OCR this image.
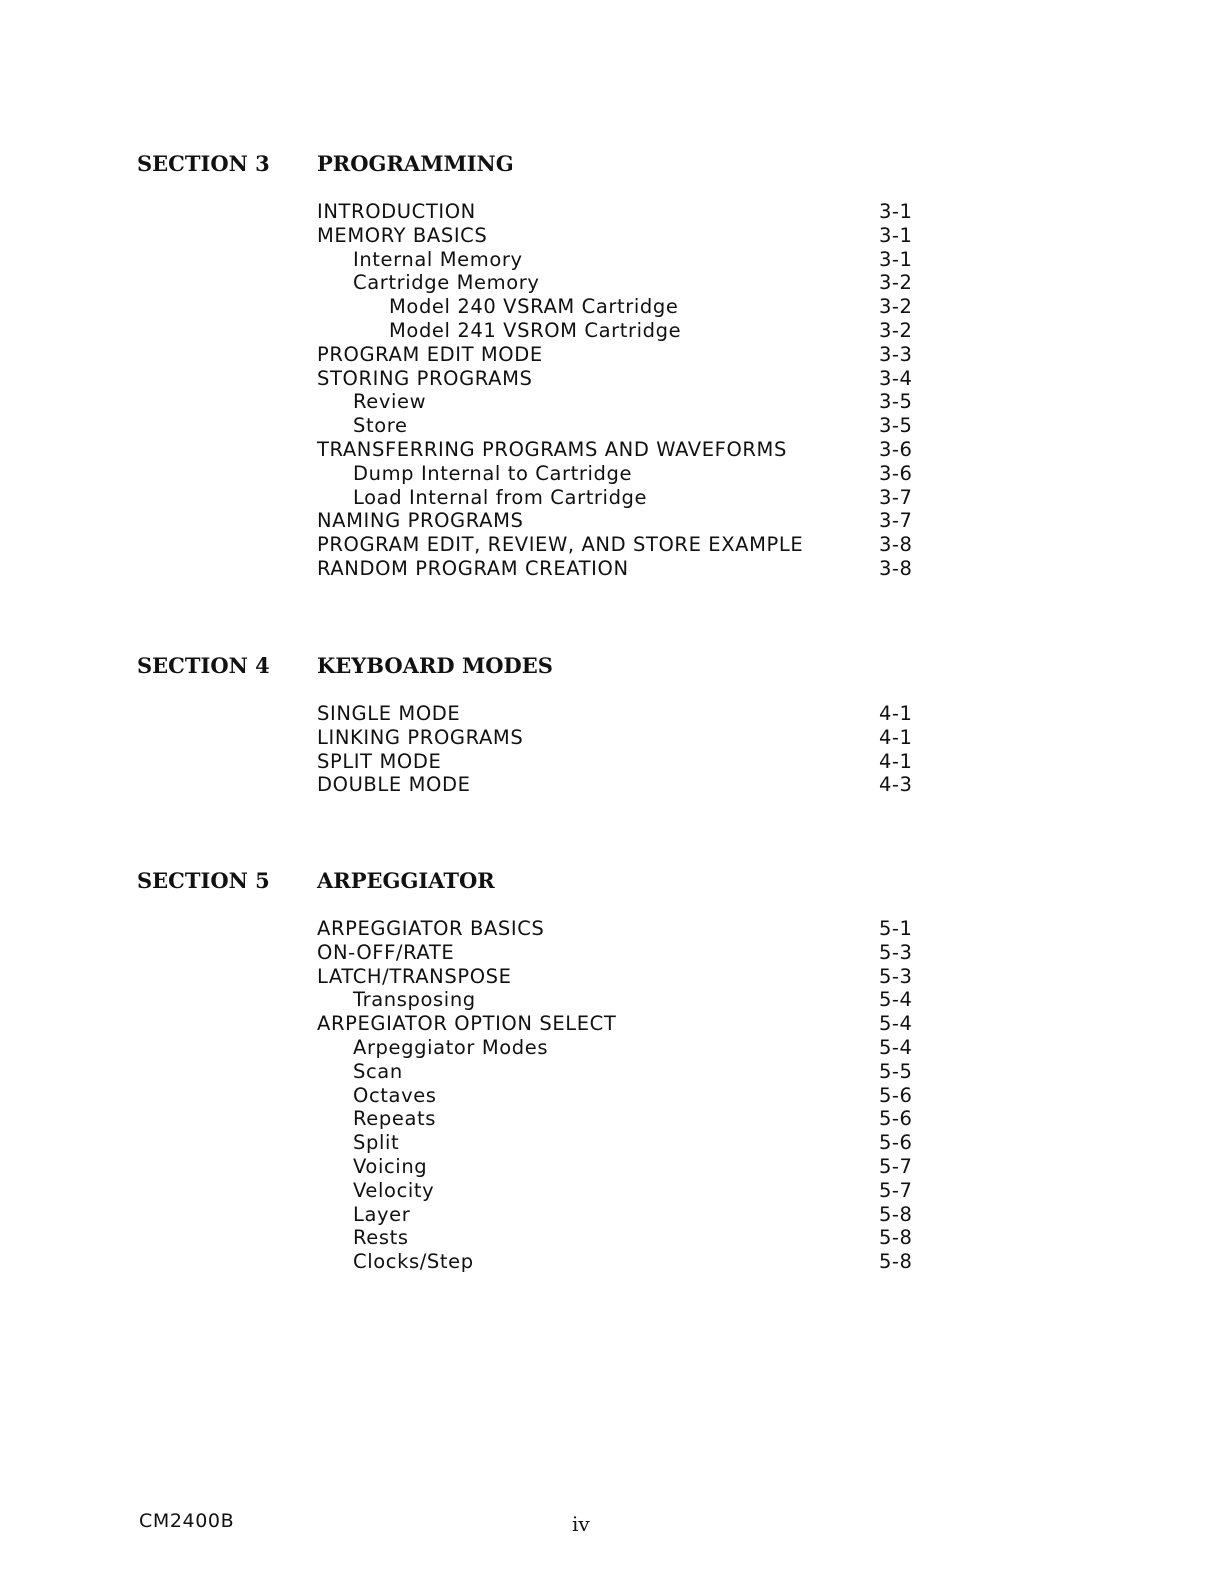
SECTION 3 PROGRAMMING
INTRODUCTION	3-1
MEMORY BASICS	3-1
Internal Memory	3-1
Cartridge Memory	3-2
Model 240 VSRAM Cartridge	3-2
Model 241 VSROM Cartridge	3-2
PROGRAM EDIT MODE	3-3
STORING PROGRAMS	3-4
Review	3-5
Store	3-5
TRANSFERRING PROGRAMS AND WAVEFORMS	3-6
Dump Internal to Cartridge	3-6
Load Internal from Cartridge	3-7
NAMING PROGRAMS	3-7
PROGRAM EDIT, REVIEW, AND STORE EXAMPLE	3-8
RANDOM PROGRAM CREATION	3-8
SECTION 4 KEYBOARD MODES
SINGLE MODE	4-1
LINKING PROGRAMS	4-1
SPLIT MODE	4-1
DOUBLE MODE	4-3
SECTION 5 ARPEGGIATOR
ARPEGGIATOR BASICS	5-1
ON-OFF/RATE	5-3
LATCH/TRANSPOSE	5-3
Transposing	5-4
ARPEGIATOR OPTION SELECT	5-4
Arpeggiator Modes	5-4
Scan	5-5
Octaves	5-6
Repeats	5-6
Split	5-6
Voicing	5-7
Velocity	5-7
Layer	5-8
Rests	5-8
Clocks/Step	5-8
CM2400B	iv
